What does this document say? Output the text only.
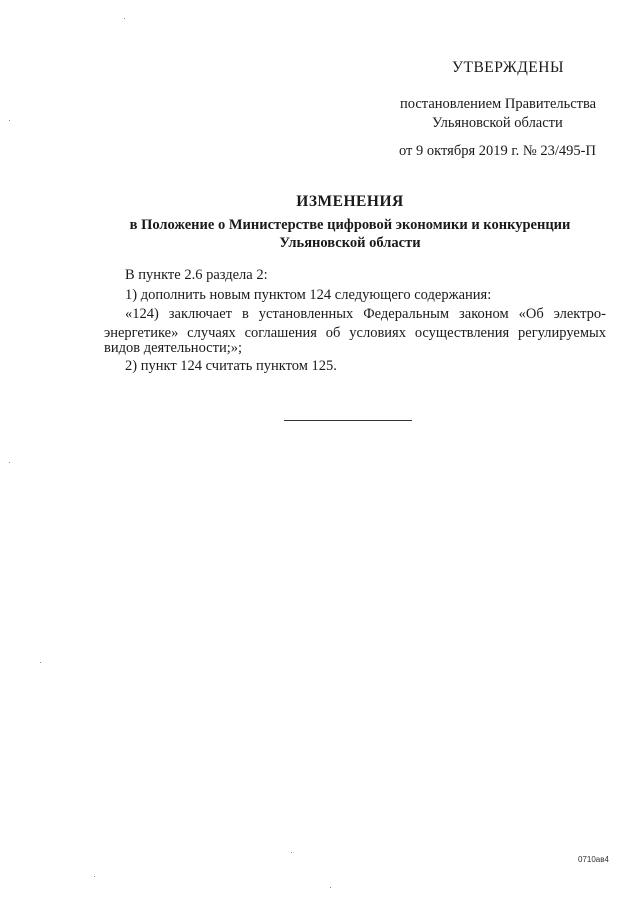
УТВЕРЖДЕНЫ
постановлением Правительства
Ульяновской области
от 9 октября 2019 г. № 23/495-П
ИЗМЕНЕНИЯ
в Положение о Министерстве цифровой экономики и конкуренции
Ульяновской области
В пункте 2.6 раздела 2:
1) дополнить новым пунктом 124 следующего содержания:
«124) заключает в установленных Федеральным законом «Об электро-
энергетике» случаях соглашения об условиях осуществления регулируемых
видов деятельности;»;
2) пункт 124 считать пунктом 125.
0710ав4
